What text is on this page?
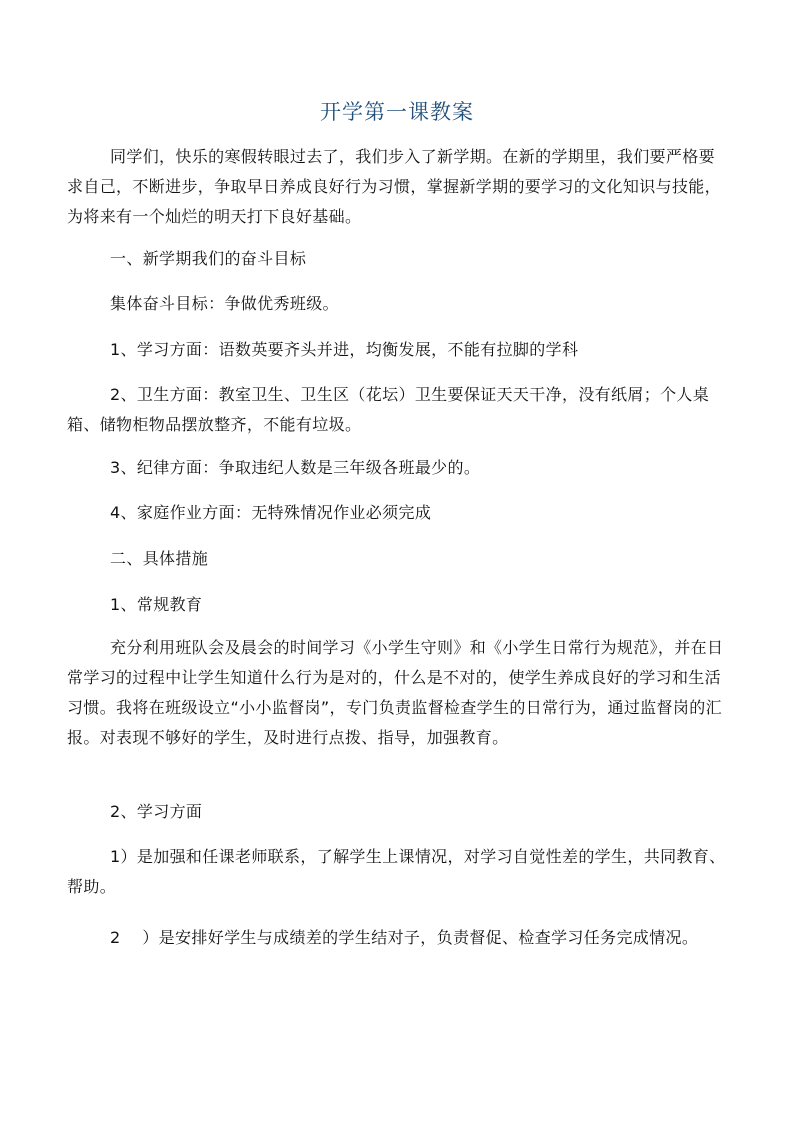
开学第一课教案

同学们，快乐的寒假转眼过去了，我们步入了新学期。在新的学期里，我们要严格要求自己，不断进步，争取早日养成良好行为习惯，掌握新学期的要学习的文化知识与技能，为将来有一个灿烂的明天打下良好基础。

一、新学期我们的奋斗目标
集体奋斗目标：争做优秀班级。
1、学习方面：语数英要齐头并进，均衡发展，不能有拉脚的学科

2、卫生方面：教室卫生、卫生区（花坛）卫生要保证天天干净，没有纸屑；个人桌箱、储物柜物品摆放整齐，不能有垃圾。

3、纪律方面：争取违纪人数是三年级各班最少的。
4、家庭作业方面：无特殊情况作业必须完成
二、具体措施
1、常规教育

充分利用班队会及晨会的时间学习《小学生守则》和《小学生日常行为规范》，并在日常学习的过程中让学生知道什么行为是对的，什么是不对的，使学生养成良好的学习和生活习惯。我将在班级设立“小小监督岗”，专门负责监督检查学生的日常行为，通过监督岗的汇报。对表现不够好的学生，及时进行点拨、指导，加强教育。

2、学习方面

1）是加强和任课老师联系，了解学生上课情况，对学习自觉性差的学生，共同教育、帮助。

2　 ）是安排好学生与成绩差的学生结对子，负责督促、检查学习任务完成情况。
